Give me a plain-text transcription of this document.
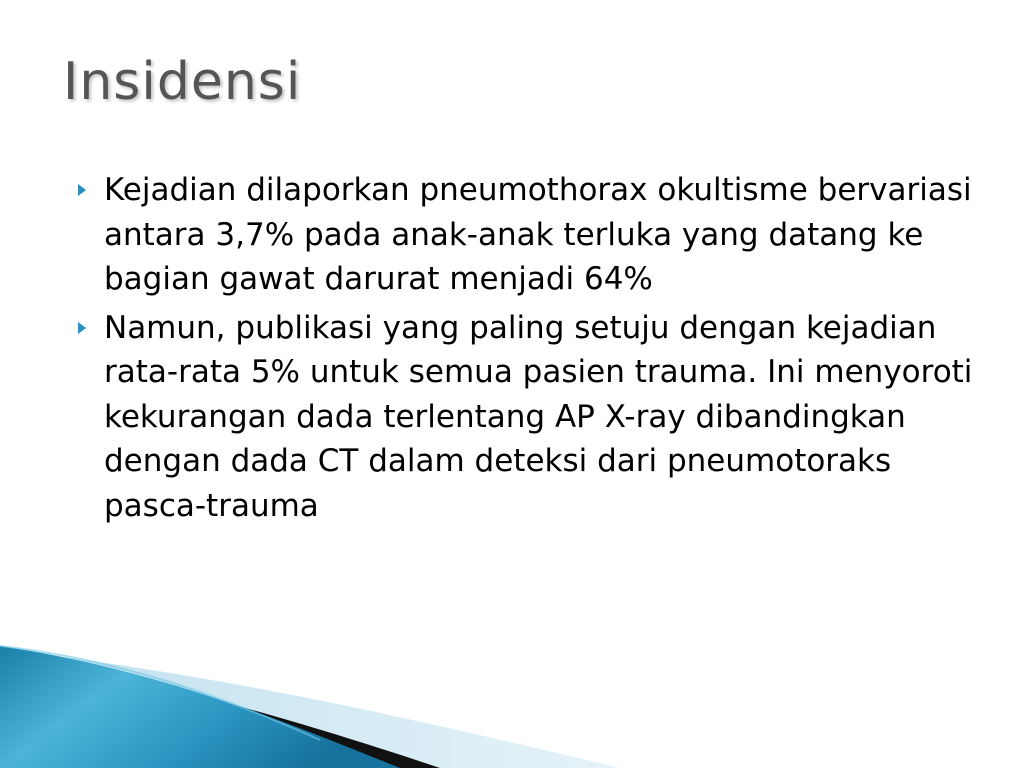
Insidensi
Kejadian dilaporkan pneumothorax okultisme bervariasi antara 3,7% pada anak-anak terluka yang datang ke bagian gawat darurat menjadi 64%
Namun, publikasi yang paling setuju dengan kejadian rata-rata 5% untuk semua pasien trauma. Ini menyoroti kekurangan dada terlentang AP X-ray dibandingkan dengan dada CT dalam deteksi dari pneumotoraks pasca-trauma
